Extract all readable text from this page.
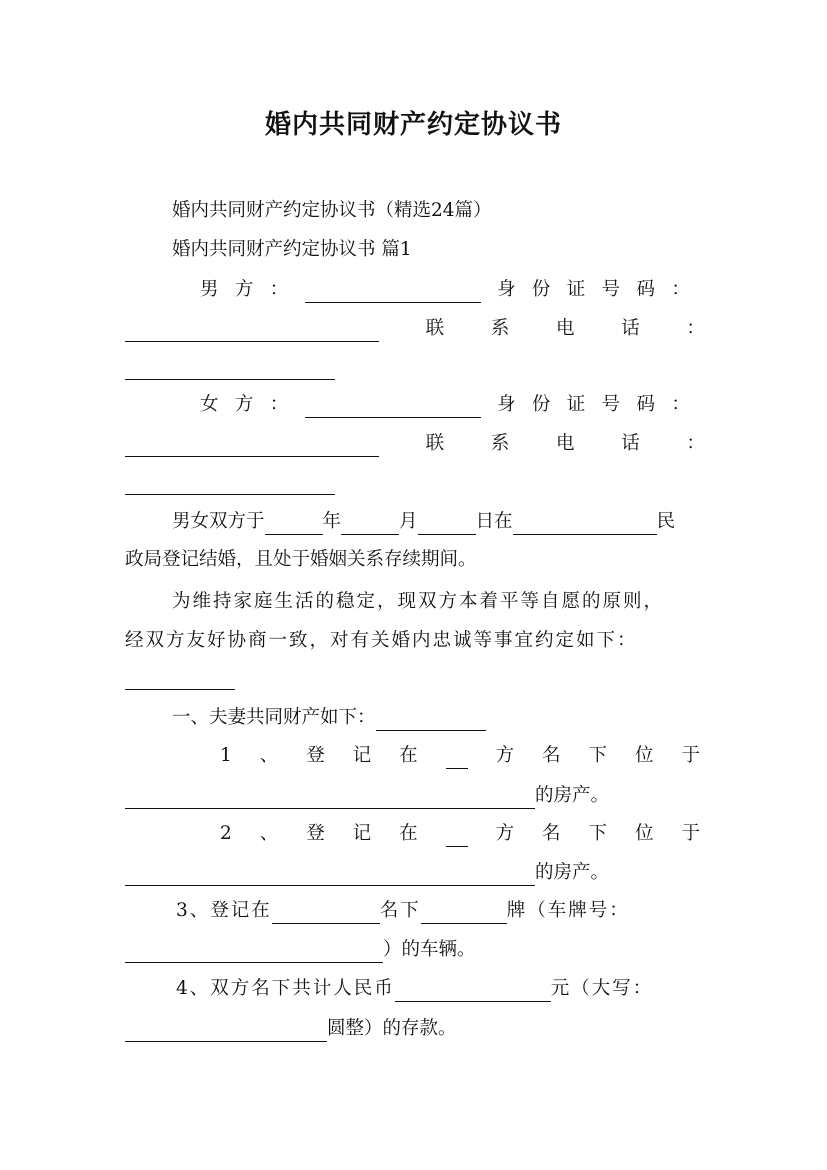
婚内共同财产约定协议书
婚内共同财产约定协议书（精选24篇）
婚内共同财产约定协议书 篇1
男 方 ：	身 份 证 号 码 ：
联	系	电	话	：
女 方 ：	身 份 证 号 码 ：
联	系	电	话	：
男女双方于	年	月	日在	民
政局登记结婚，且处于婚姻关系存续期间。
为维持家庭生活的稳定，现双方本着平等自愿的原则，
经双方友好协商一致，对有关婚内忠诚等事宜约定如下：
一、夫妻共同财产如下：
1 、 登 记 在	方 名 下 位 于
的房产。
2 、 登 记 在	方 名 下 位 于
的房产。
3、登记在	名下	牌（车牌号：
）的车辆。
4、双方名下共计人民币	元（大写：
圆整）的存款。
